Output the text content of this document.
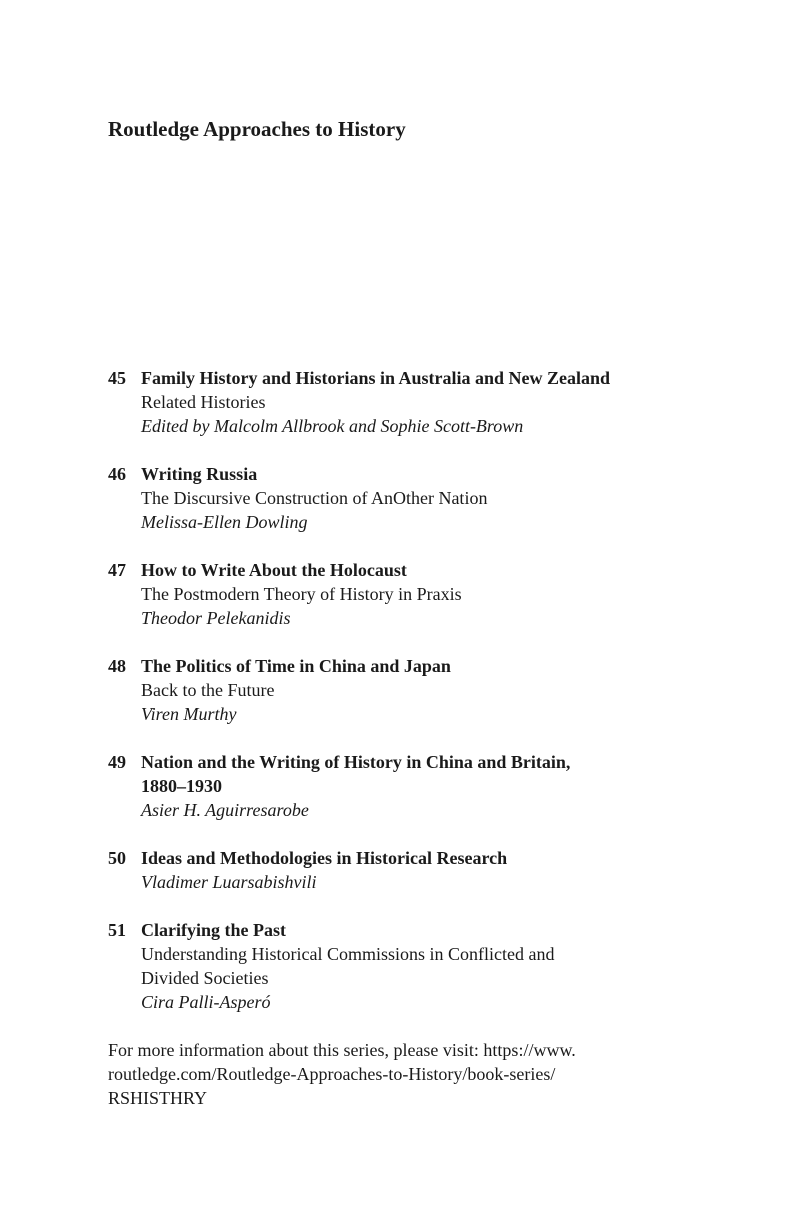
Routledge Approaches to History
45 Family History and Historians in Australia and New Zealand
Related Histories
Edited by Malcolm Allbrook and Sophie Scott-Brown
46 Writing Russia
The Discursive Construction of AnOther Nation
Melissa-Ellen Dowling
47 How to Write About the Holocaust
The Postmodern Theory of History in Praxis
Theodor Pelekanidis
48 The Politics of Time in China and Japan
Back to the Future
Viren Murthy
49 Nation and the Writing of History in China and Britain,
1880–1930
Asier H. Aguirresarobe
50 Ideas and Methodologies in Historical Research
Vladimer Luarsabishvili
51 Clarifying the Past
Understanding Historical Commissions in Conflicted and
Divided Societies
Cira Palli-Asperó

For more information about this series, please visit: https://www.
routledge.com/Routledge-Approaches-to-History/book-series/
RSHISTHRY
